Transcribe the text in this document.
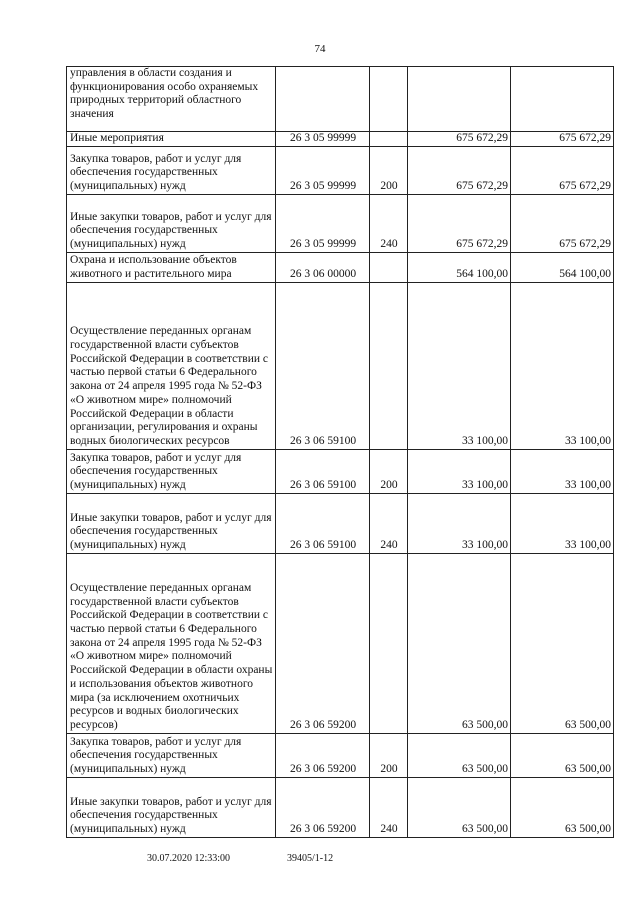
74
управления в области создания и функционирования особо охраняемых природных территорий областного значения				
Иные мероприятия	26 3 05 99999		675 672,29	675 672,29
Закупка товаров, работ и услуг для обеспечения государственных (муниципальных) нужд	26 3 05 99999	200	675 672,29	675 672,29
Иные закупки товаров, работ и услуг для обеспечения государственных (муниципальных) нужд	26 3 05 99999	240	675 672,29	675 672,29
Охрана и использование объектов животного и растительного мира	26 3 06 00000		564 100,00	564 100,00
Осуществление переданных органам государственной власти субъектов Российской Федерации в соответствии с частью первой статьи 6 Федерального закона от 24 апреля 1995 года № 52-ФЗ «О животном мире» полномочий Российской Федерации в области организации, регулирования и охраны водных биологических ресурсов	26 3 06 59100		33 100,00	33 100,00
Закупка товаров, работ и услуг для обеспечения государственных (муниципальных) нужд	26 3 06 59100	200	33 100,00	33 100,00
Иные закупки товаров, работ и услуг для обеспечения государственных (муниципальных) нужд	26 3 06 59100	240	33 100,00	33 100,00
Осуществление переданных органам государственной власти субъектов Российской Федерации в соответствии с частью первой статьи 6 Федерального закона от 24 апреля 1995 года № 52-ФЗ «О животном мире» полномочий Российской Федерации в области охраны и использования объектов животного мира (за исключением охотничьих ресурсов и водных биологических ресурсов)	26 3 06 59200		63 500,00	63 500,00
Закупка товаров, работ и услуг для обеспечения государственных (муниципальных) нужд	26 3 06 59200	200	63 500,00	63 500,00
Иные закупки товаров, работ и услуг для обеспечения государственных (муниципальных) нужд	26 3 06 59200	240	63 500,00	63 500,00
30.07.2020 12:33:00	39405/1-12
